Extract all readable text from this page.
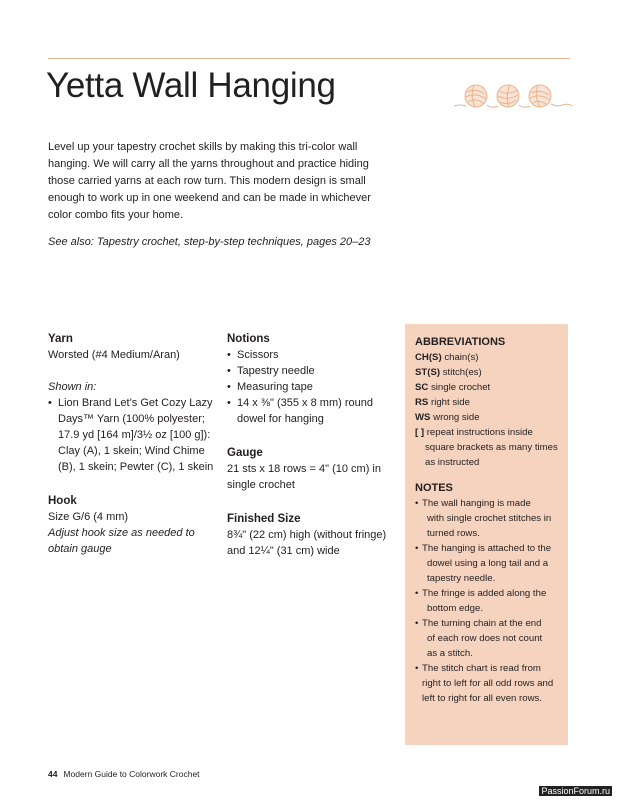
Yetta Wall Hanging

Level up your tapestry crochet skills by making this tri-color wall hanging. We will carry all the yarns throughout and practice hiding those carried yarns at each row turn. This modern design is small enough to work up in one weekend and can be made in whichever color combo fits your home.

See also: Tapestry crochet, step-by-step techniques, pages 20–23

Yarn

Worsted (#4 Medium/Aran)

Shown in:

• Lion Brand Let’s Get Cozy Lazy Days™ Yarn (100% polyester; 17.9 yd [164 m]/3½ oz [100 g]): Clay (A), 1 skein; Wind Chime (B), 1 skein; Pewter (C), 1 skein

Hook

Size G/6 (4 mm)

Adjust hook size as needed to obtain gauge

Notions

• Scissors
• Tapestry needle
• Measuring tape
• 14 x ⅜" (355 x 8 mm) round dowel for hanging

Gauge

21 sts x 18 rows = 4" (10 cm) in single crochet

Finished Size

8¾" (22 cm) high (without fringe) and 12¼" (31 cm) wide

ABBREVIATIONS

CH(S) chain(s)

ST(S) stitch(es)

SC single crochet

RS right side

WS wrong side

[ ] repeat instructions inside
square brackets as many times
as instructed

NOTES

• The wall hanging is made
with single crochet stitches in
turned rows.
• The hanging is attached to the
dowel using a long tail and a
tapestry needle.
• The fringe is added along the
bottom edge.
• The turning chain at the end
of each row does not count
as a stitch.
• The stitch chart is read from
right to left for all odd rows and
left to right for all even rows.
44 Modern Guide to Colorwork Crochet
PassionForum.ru
